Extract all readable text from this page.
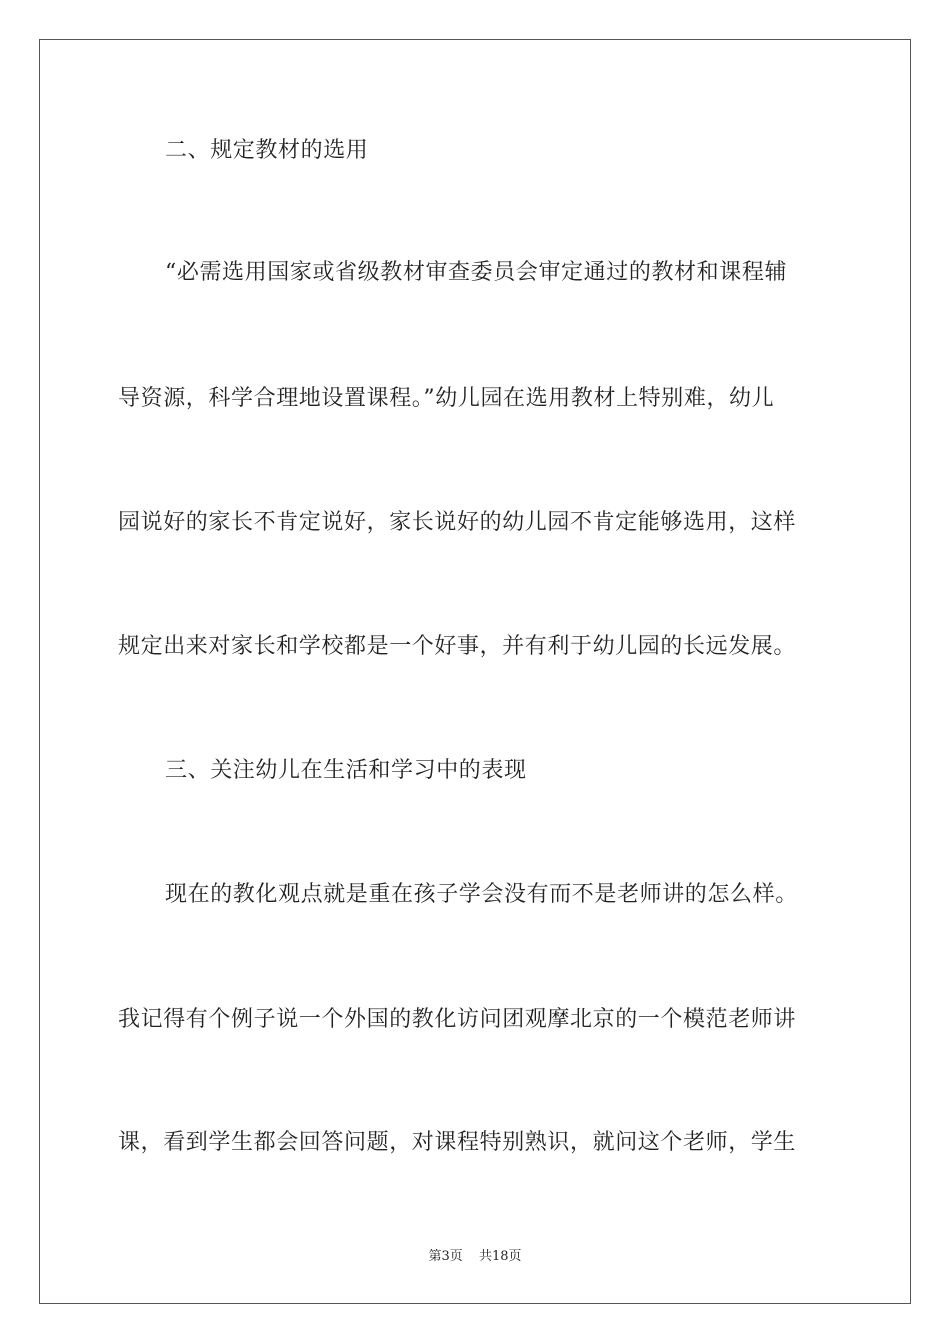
二、规定教材的选用
“必需选用国家或省级教材审查委员会审定通过的教材和课程辅
导资源，科学合理地设置课程。”幼儿园在选用教材上特别难，幼儿
园说好的家长不肯定说好，家长说好的幼儿园不肯定能够选用，这样
规定出来对家长和学校都是一个好事，并有利于幼儿园的长远发展。
三、关注幼儿在生活和学习中的表现
现在的教化观点就是重在孩子学会没有而不是老师讲的怎么样。
我记得有个例子说一个外国的教化访问团观摩北京的一个模范老师讲
课，看到学生都会回答问题，对课程特别熟识，就问这个老师，学生
第3页 共18页
